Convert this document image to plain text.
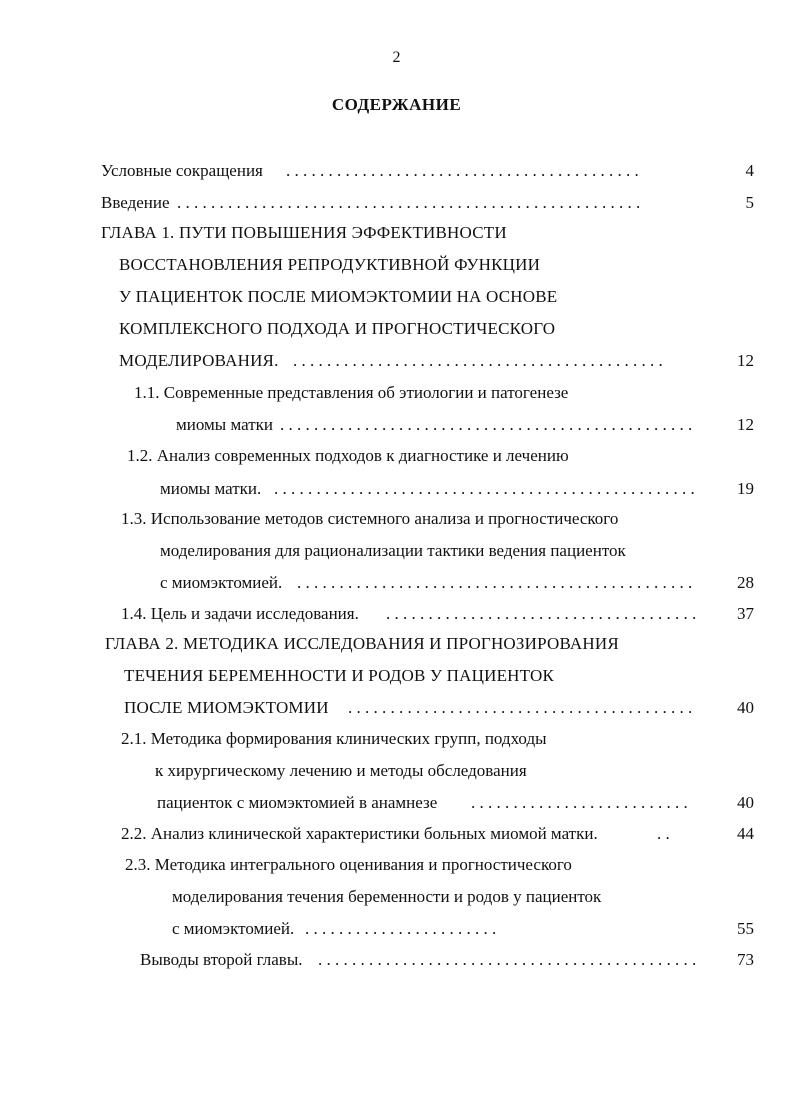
2
СОДЕРЖАНИЕ
Условные сокращения . . . . . . . . . . . . . . . . . . . . . . . . . . . . . . . . . . . . . . . . . .	4
Введение . . . . . . . . . . . . . . . . . . . . . . . . . . . . . . . . . . . . . . . . . . . . . . . . . . . . . . .	5
ГЛАВА 1. ПУТИ ПОВЫШЕНИЯ ЭФФЕКТИВНОСТИ
ВОССТАНОВЛЕНИЯ РЕПРОДУКТИВНОЙ ФУНКЦИИ
У ПАЦИЕНТОК ПОСЛЕ МИОМЭКТОМИИ НА ОСНОВЕ
КОМПЛЕКСНОГО ПОДХОДА И ПРОГНОСТИЧЕСКОГО
МОДЕЛИРОВАНИЯ. . . . . . . . . . . . . . . . . . . . . . . . . . . . . . . . . . . . . . . . . . . . .	12
1.1. Современные представления об этиологии и патогенезе
миомы матки . . . . . . . . . . . . . . . . . . . . . . . . . . . . . . . . . . . . . . . . . . . . . . . . .	12
1.2. Анализ современных подходов к диагностике и лечению
миомы матки. . . . . . . . . . . . . . . . . . . . . . . . . . . . . . . . . . . . . . . . . . . . . . . . . . .	19
1.3. Использование методов системного анализа и прогностического
моделирования для рационализации тактики ведения пациенток
с миомэктомией. . . . . . . . . . . . . . . . . . . . . . . . . . . . . . . . . . . . . . . . . . . . . . . .	28
1.4. Цель и задачи исследования. . . . . . . . . . . . . . . . . . . . . . . . . . . . . . . . . . . . . .	37
ГЛАВА 2. МЕТОДИКА ИССЛЕДОВАНИЯ И ПРОГНОЗИРОВАНИЯ
ТЕЧЕНИЯ БЕРЕМЕННОСТИ И РОДОВ У ПАЦИЕНТОК
ПОСЛЕ МИОМЭКТОМИИ . . . . . . . . . . . . . . . . . . . . . . . . . . . . . . . . . . . . . . . . .	40
2.1. Методика формирования клинических групп, подходы
к хирургическому лечению и методы обследования
пациенток с миомэктомией в анамнезе . . . . . . . . . . . . . . . . . . . . . . . . . .	40
2.2. Анализ клинической характеристики больных миомой матки.	. .	44
2.3. Методика интегрального оценивания и прогностического
моделирования течения беременности и родов у пациенток
с миомэктомией. . . . . . . . . . . . . . . . . . . . . . . .	55
Выводы второй главы. . . . . . . . . . . . . . . . . . . . . . . . . . . . . . . . . . . . . . . . . . . . . .	73
